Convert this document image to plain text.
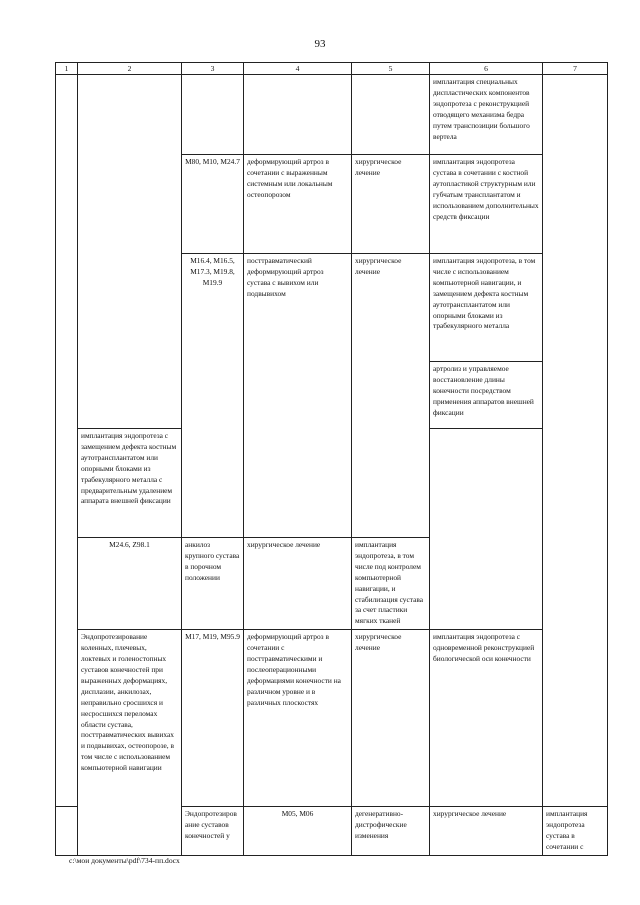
93
1	2	3	4	5	6	7	
					имплантация специальных диспластических компонентов эндопротеза с реконструкцией отводящего механизма бедра путем транспозиции большого вертела		
		M80, M10, M24.7	деформирующий артроз в сочетании с выраженным системным или локальным остеопорозом	хирургическое лечение	имплантация эндопротеза сустава в сочетании с костной аутопластикой структурным или губчатым трансплантатом и использованием дополнительных средств фиксации		
		M16.4, M16.5, M17.3, M19.8, M19.9	посттравматический деформирующий артроз сустава с вывихом или подвывихом	хирургическое лечение	имплантация эндопротеза, в том числе с использованием компьютерной навигации, и замещением дефекта костным аутотрансплантатом или опорными блоками из трабекулярного металла		
					артролиз и управляемое восстановление длины конечности посредством применения аппаратов внешней фиксации		
	имплантация эндопротеза с замещением дефекта костным аутотрансплантатом или опорными блоками из трабекулярного металла с предварительным удалением аппарата внешней фиксации						
	M24.6, Z98.1	анкилоз крупного сустава в порочном положении	хирургическое лечение	имплантация эндопротеза, в том числе под контролем компьютерной навигации, и стабилизация сустава за счет пластики мягких тканей			
	Эндопротезирование коленных, плечевых, локтевых и голеностопных суставов конечностей при выраженных деформациях, дисплазии, анкилозах, неправильно сросшихся и несросшихся переломах области сустава, посттравматических вывихах и подвывихах, остеопорозе, в том числе с использованием компьютерной навигации	M17, M19, M95.9	деформирующий артроз в сочетании с посттравматическими и послеоперационными деформациями конечности на различном уровне и в различных плоскостях	хирургическое лечение	имплантация эндопротеза с одновременной реконструкцией биологической оси конечности		
		Эндопротезирование суставов конечностей у	M05, M06	дегенеративно-дистрофические изменения	хирургическое лечение	имплантация эндопротеза сустава в сочетании с	
c:\мои документы\pdf\734-пп.docx
